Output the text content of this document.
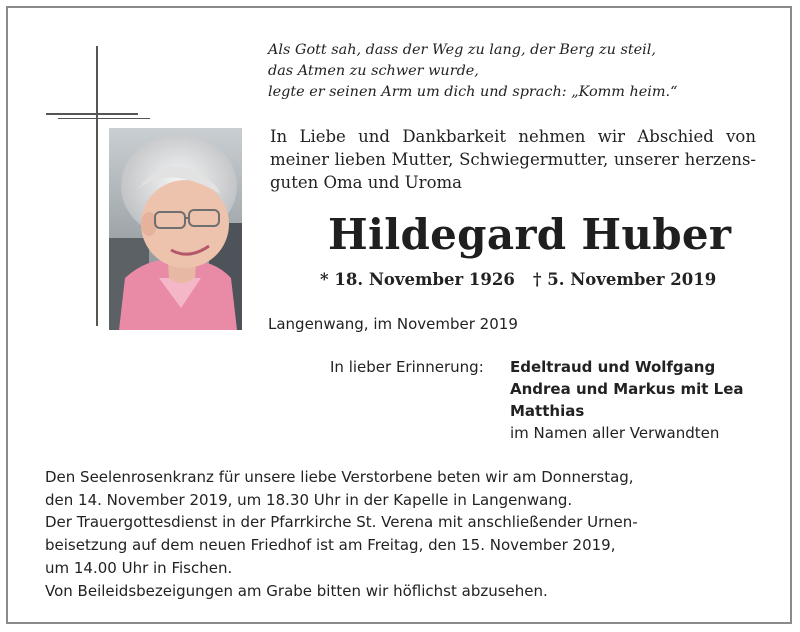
Als Gott sah, dass der Weg zu lang, der Berg zu steil,
das Atmen zu schwer wurde,
legte er seinen Arm um dich und sprach: „Komm heim.“
In Liebe und Dankbarkeit nehmen wir Abschied von
meiner lieben Mutter, Schwiegermutter, unserer herzens-
guten Oma und Uroma
Hildegard Huber
* 18. November 1926 † 5. November 2019
Langenwang, im November 2019
In lieber Erinnerung: Edeltraud und Wolfgang
Andrea und Markus mit Lea
Matthias
im Namen aller Verwandten
Den Seelenrosenkranz für unsere liebe Verstorbene beten wir am Donnerstag,
den 14. November 2019, um 18.30 Uhr in der Kapelle in Langenwang.
Der Trauergottesdienst in der Pfarrkirche St. Verena mit anschließender Urnen-
beisetzung auf dem neuen Friedhof ist am Freitag, den 15. November 2019,
um 14.00 Uhr in Fischen.
Von Beileidsbezeigungen am Grabe bitten wir höflichst abzusehen.
